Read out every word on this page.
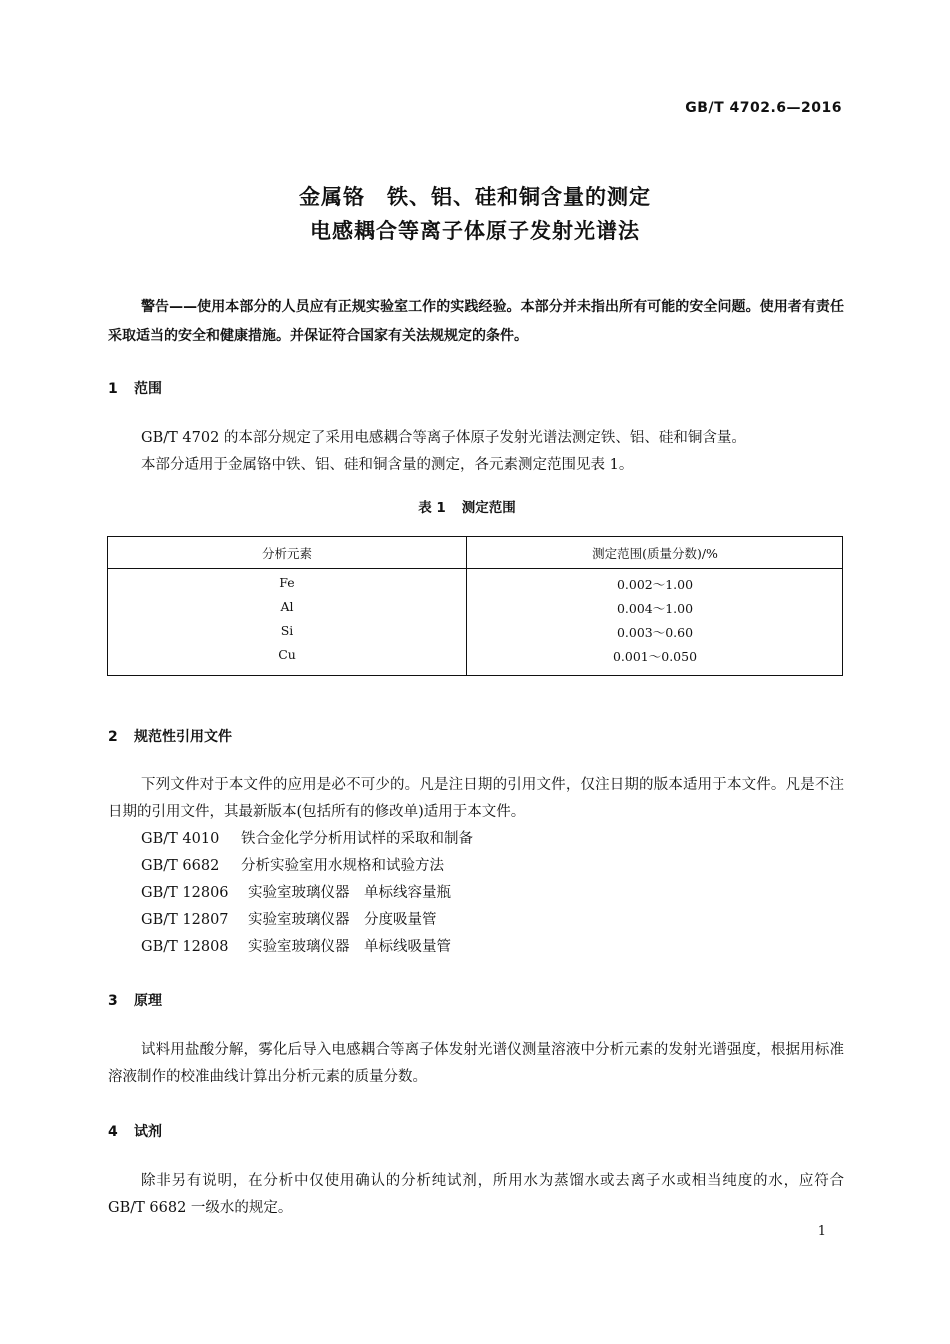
GB/T 4702.6—2016
金属铬　铁、铝、硅和铜含量的测定
电感耦合等离子体原子发射光谱法
警告——使用本部分的人员应有正规实验室工作的实践经验。本部分并未指出所有可能的安全问题。使用者有责任采取适当的安全和健康措施。并保证符合国家有关法规规定的条件。
1 范围
GB/T 4702 的本部分规定了采用电感耦合等离子体原子发射光谱法测定铁、铝、硅和铜含量。
本部分适用于金属铬中铁、铝、硅和铜含量的测定，各元素测定范围见表 1。
表 1 测定范围
分析元素	测定范围(质量分数)/%
Fe	0.002～1.00
Al	0.004～1.00
Si	0.003～0.60
Cu	0.001～0.050
2 规范性引用文件
下列文件对于本文件的应用是必不可少的。凡是注日期的引用文件，仅注日期的版本适用于本文件。凡是不注日期的引用文件，其最新版本(包括所有的修改单)适用于本文件。
GB/T 4010 铁合金化学分析用试样的采取和制备
GB/T 6682 分析实验室用水规格和试验方法
GB/T 12806 实验室玻璃仪器　单标线容量瓶
GB/T 12807 实验室玻璃仪器　分度吸量管
GB/T 12808 实验室玻璃仪器　单标线吸量管
3 原理
试料用盐酸分解，雾化后导入电感耦合等离子体发射光谱仪测量溶液中分析元素的发射光谱强度，根据用标准溶液制作的校准曲线计算出分析元素的质量分数。
4 试剂
除非另有说明，在分析中仅使用确认的分析纯试剂，所用水为蒸馏水或去离子水或相当纯度的水，应符合 GB/T 6682 一级水的规定。
1
